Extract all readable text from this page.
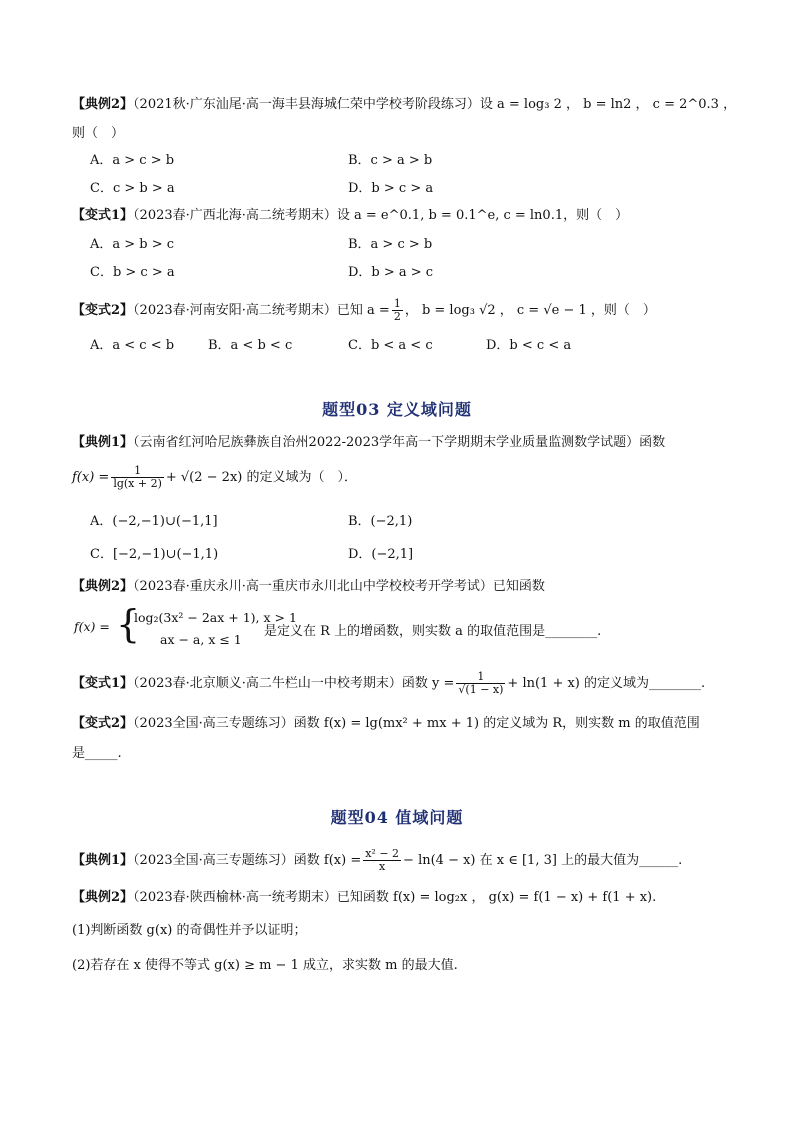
【典例2】（2021秋·广东汕尾·高一海丰县海城仁荣中学校考阶段练习）设 a = log₃ 2 ， b = ln2 ， c = 2^0.3 ，
则（　）
A．a > c > b	B．c > a > b
C．c > b > a	D．b > c > a
【变式1】（2023春·广西北海·高二统考期末）设 a = e^0.1, b = 0.1^e, c = ln0.1，则（　）
A．a > b > c	B．a > c > b
C．b > c > a	D．b > a > c
【变式2】（2023春·河南安阳·高二统考期末）已知 $a = \frac{1}{2}$ ， b = log₃ √2 ， c = √e − 1 ，则（　）
A．a < c < b	B．a < b < c	C．b < a < c	D．b < c < a
题型03 定义域问题
【典例1】（云南省红河哈尼族彝族自治州2022-2023学年高一下学期期末学业质量监测数学试题）函数
$f(x) = \frac{1}{\lg(x + 2)} + √(2 - 2x)$ 的定义域为（　）．
A．(−2,−1)∪(−1,1]	B．(−2,1)
C．[−2,−1)∪(−1,1)	D．(−2,1]
【典例2】（2023春·重庆永川·高一重庆市永川北山中学校校考开学考试）已知函数
f(x) = {
log₂(3x² − 2ax + 1), x > 1
ax − a, x ≤ 1
是定义在 R 上的增函数，则实数 a 的取值范围是________.
【变式1】（2023春·北京顺义·高二牛栏山一中校考期末）函数 $y = \frac{1}{√(1 - x)} + \ln(1 + x)$ 的定义域为________.
【变式2】（2023全国·高三专题练习）函数 f(x) = lg(mx² + mx + 1) 的定义域为 R，则实数 m 的取值范围
是_____.
题型04 值域问题
【典例1】（2023全国·高三专题练习）函数 $f(x) = \frac{\text{x² − 2}}{x} - \ln(4 - x)$ 在 x ∈ [1, 3] 上的最大值为______.
【典例2】（2023春·陕西榆林·高一统考期末）已知函数 f(x) = log₂x ， g(x) = f(1 − x) + f(1 + x).
(1)判断函数 g(x) 的奇偶性并予以证明；
(2)若存在 x 使得不等式 g(x) ≥ m − 1 成立，求实数 m 的最大值.
